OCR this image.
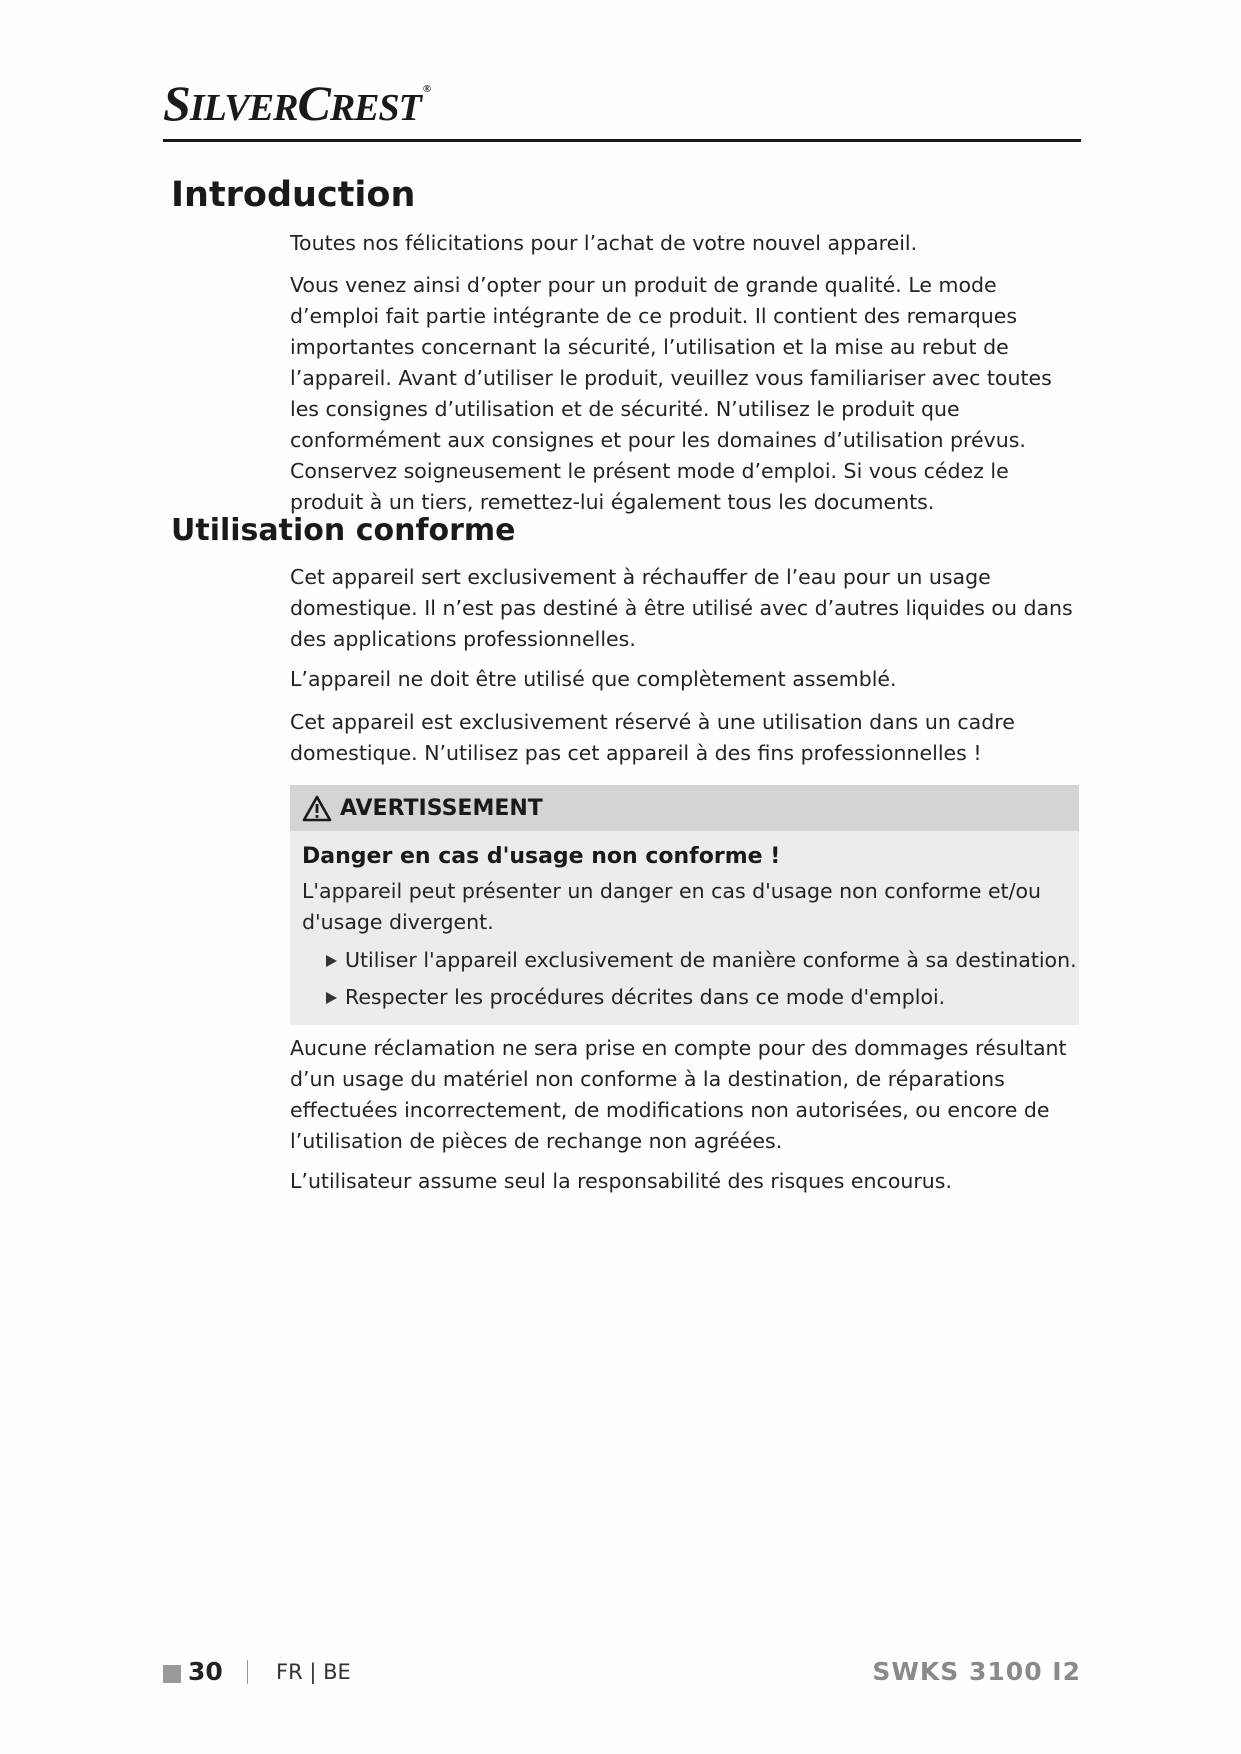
SILVERCREST ®
Introduction

Toutes nos félicitations pour l’achat de votre nouvel appareil.

Vous venez ainsi d’opter pour un produit de grande qualité. Le mode d’emploi fait partie intégrante de ce produit. Il contient des remarques importantes concernant la sécurité, l’utilisation et la mise au rebut de l’appareil. Avant d’utiliser le produit, veuillez vous familiariser avec toutes les consignes d’utilisation et de sécurité. N’utilisez le produit que conformément aux consignes et pour les domaines d’utilisation prévus. Conservez soigneusement le présent mode d’emploi. Si vous cédez le produit à un tiers, remettez-lui également tous les documents.

Utilisation conforme

Cet appareil sert exclusivement à réchauffer de l’eau pour un usage domestique. Il n’est pas destiné à être utilisé avec d’autres liquides ou dans des applications professionnelles.

L’appareil ne doit être utilisé que complètement assemblé.

Cet appareil est exclusivement réservé à une utilisation dans un cadre domestique. N’utilisez pas cet appareil à des fins professionnelles !

AVERTISSEMENT
Danger en cas d'usage non conforme !
L'appareil peut présenter un danger en cas d'usage non conforme et/ou d'usage divergent.
Utiliser l'appareil exclusivement de manière conforme à sa destination.
Respecter les procédures décrites dans ce mode d'emploi.

Aucune réclamation ne sera prise en compte pour des dommages résultant d’un usage du matériel non conforme à la destination, de réparations effectuées incorrectement, de modifications non autorisées, ou encore de l’utilisation de pièces de rechange non agréées.

L’utilisateur assume seul la responsabilité des risques encourus.

30	FR | BE	SWKS 3100 I2
